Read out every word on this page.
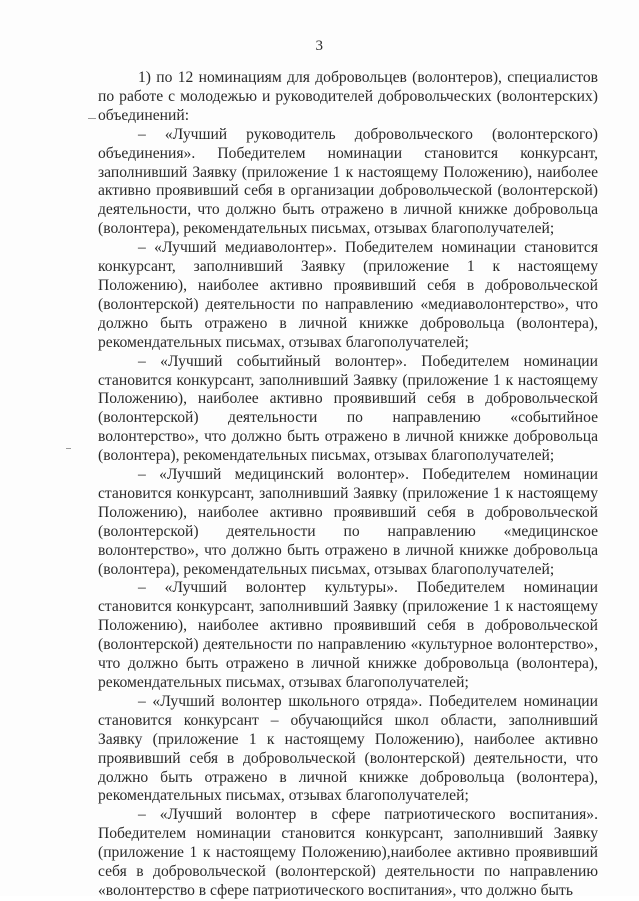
3

1) по 12 номинациям для добровольцев (волонтеров), специалистов по работе с молодежью и руководителей добровольческих (волонтерских) объединений:

– «Лучший руководитель добровольческого (волонтерского) объединения». Победителем номинации становится конкурсант, заполнивший Заявку (приложение 1 к настоящему Положению), наиболее активно проявивший себя в организации добровольческой (волонтерской) деятельности, что должно быть отражено в личной книжке добровольца (волонтера), рекомендательных письмах, отзывах благополучателей;

– «Лучший медиаволонтер». Победителем номинации становится конкурсант, заполнивший Заявку (приложение 1 к настоящему Положению), наиболее активно проявивший себя в добровольческой (волонтерской) деятельности по направлению «медиаволонтерство», что должно быть отражено в личной книжке добровольца (волонтера), рекомендательных письмах, отзывах благополучателей;

– «Лучший событийный волонтер». Победителем номинации становится конкурсант, заполнивший Заявку (приложение 1 к настоящему Положению), наиболее активно проявивший себя в добровольческой (волонтерской) деятельности по направлению «событийное волонтерство», что должно быть отражено в личной книжке добровольца (волонтера), рекомендательных письмах, отзывах благополучателей;

– «Лучший медицинский волонтер». Победителем номинации становится конкурсант, заполнивший Заявку (приложение 1 к настоящему Положению), наиболее активно проявивший себя в добровольческой (волонтерской) деятельности по направлению «медицинское волонтерство», что должно быть отражено в личной книжке добровольца (волонтера), рекомендательных письмах, отзывах благополучателей;

– «Лучший волонтер культуры». Победителем номинации становится конкурсант, заполнивший Заявку (приложение 1 к настоящему Положению), наиболее активно проявивший себя в добровольческой (волонтерской) деятельности по направлению «культурное волонтерство», что должно быть отражено в личной книжке добровольца (волонтера), рекомендательных письмах, отзывах благополучателей;

– «Лучший волонтер школьного отряда». Победителем номинации становится конкурсант – обучающийся школ области, заполнивший Заявку (приложение 1 к настоящему Положению), наиболее активно проявивший себя в добровольческой (волонтерской) деятельности, что должно быть отражено в личной книжке добровольца (волонтера), рекомендательных письмах, отзывах благополучателей;

– «Лучший волонтер в сфере патриотического воспитания». Победителем номинации становится конкурсант, заполнивший Заявку (приложение 1 к настоящему Положению),наиболее активно проявивший себя в добровольческой (волонтерской) деятельности по направлению «волонтерство в сфере патриотического воспитания», что должно быть
